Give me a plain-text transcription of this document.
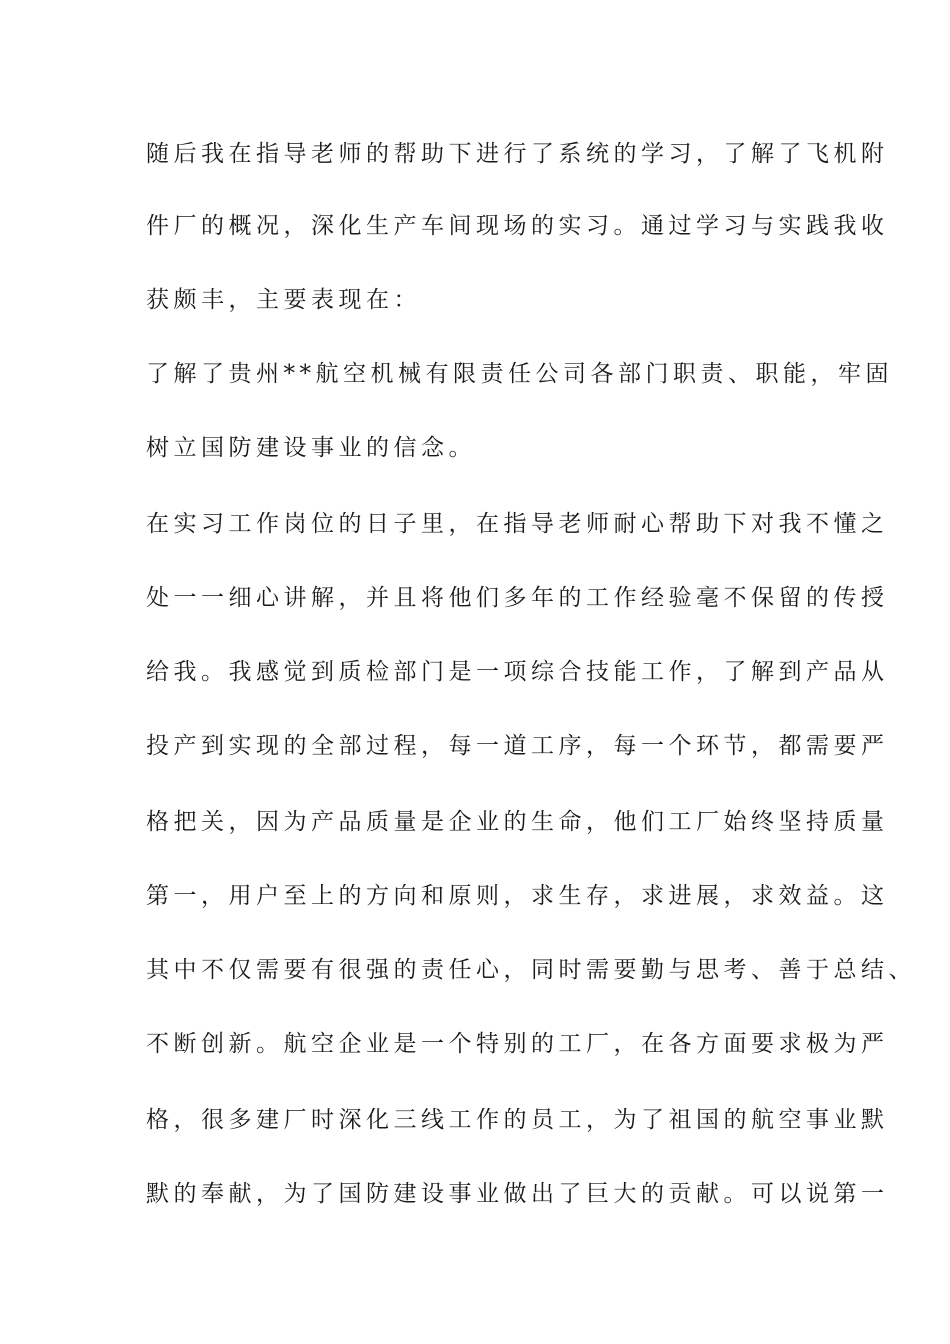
随后我在指导老师的帮助下进行了系统的学习，了解了飞机附

件厂的概况，深化生产车间现场的实习。通过学习与实践我收

获颇丰，主要表现在：

了解了贵州**航空机械有限责任公司各部门职责、职能，牢固

树立国防建设事业的信念。

在实习工作岗位的日子里，在指导老师耐心帮助下对我不懂之

处一一细心讲解，并且将他们多年的工作经验毫不保留的传授

给我。我感觉到质检部门是一项综合技能工作，了解到产品从

投产到实现的全部过程，每一道工序，每一个环节，都需要严

格把关，因为产品质量是企业的生命，他们工厂始终坚持质量

第一，用户至上的方向和原则，求生存，求进展，求效益。这

其中不仅需要有很强的责任心，同时需要勤与思考、善于总结、

不断创新。航空企业是一个特别的工厂，在各方面要求极为严

格，很多建厂时深化三线工作的员工，为了祖国的航空事业默

默的奉献，为了国防建设事业做出了巨大的贡献。可以说第一
